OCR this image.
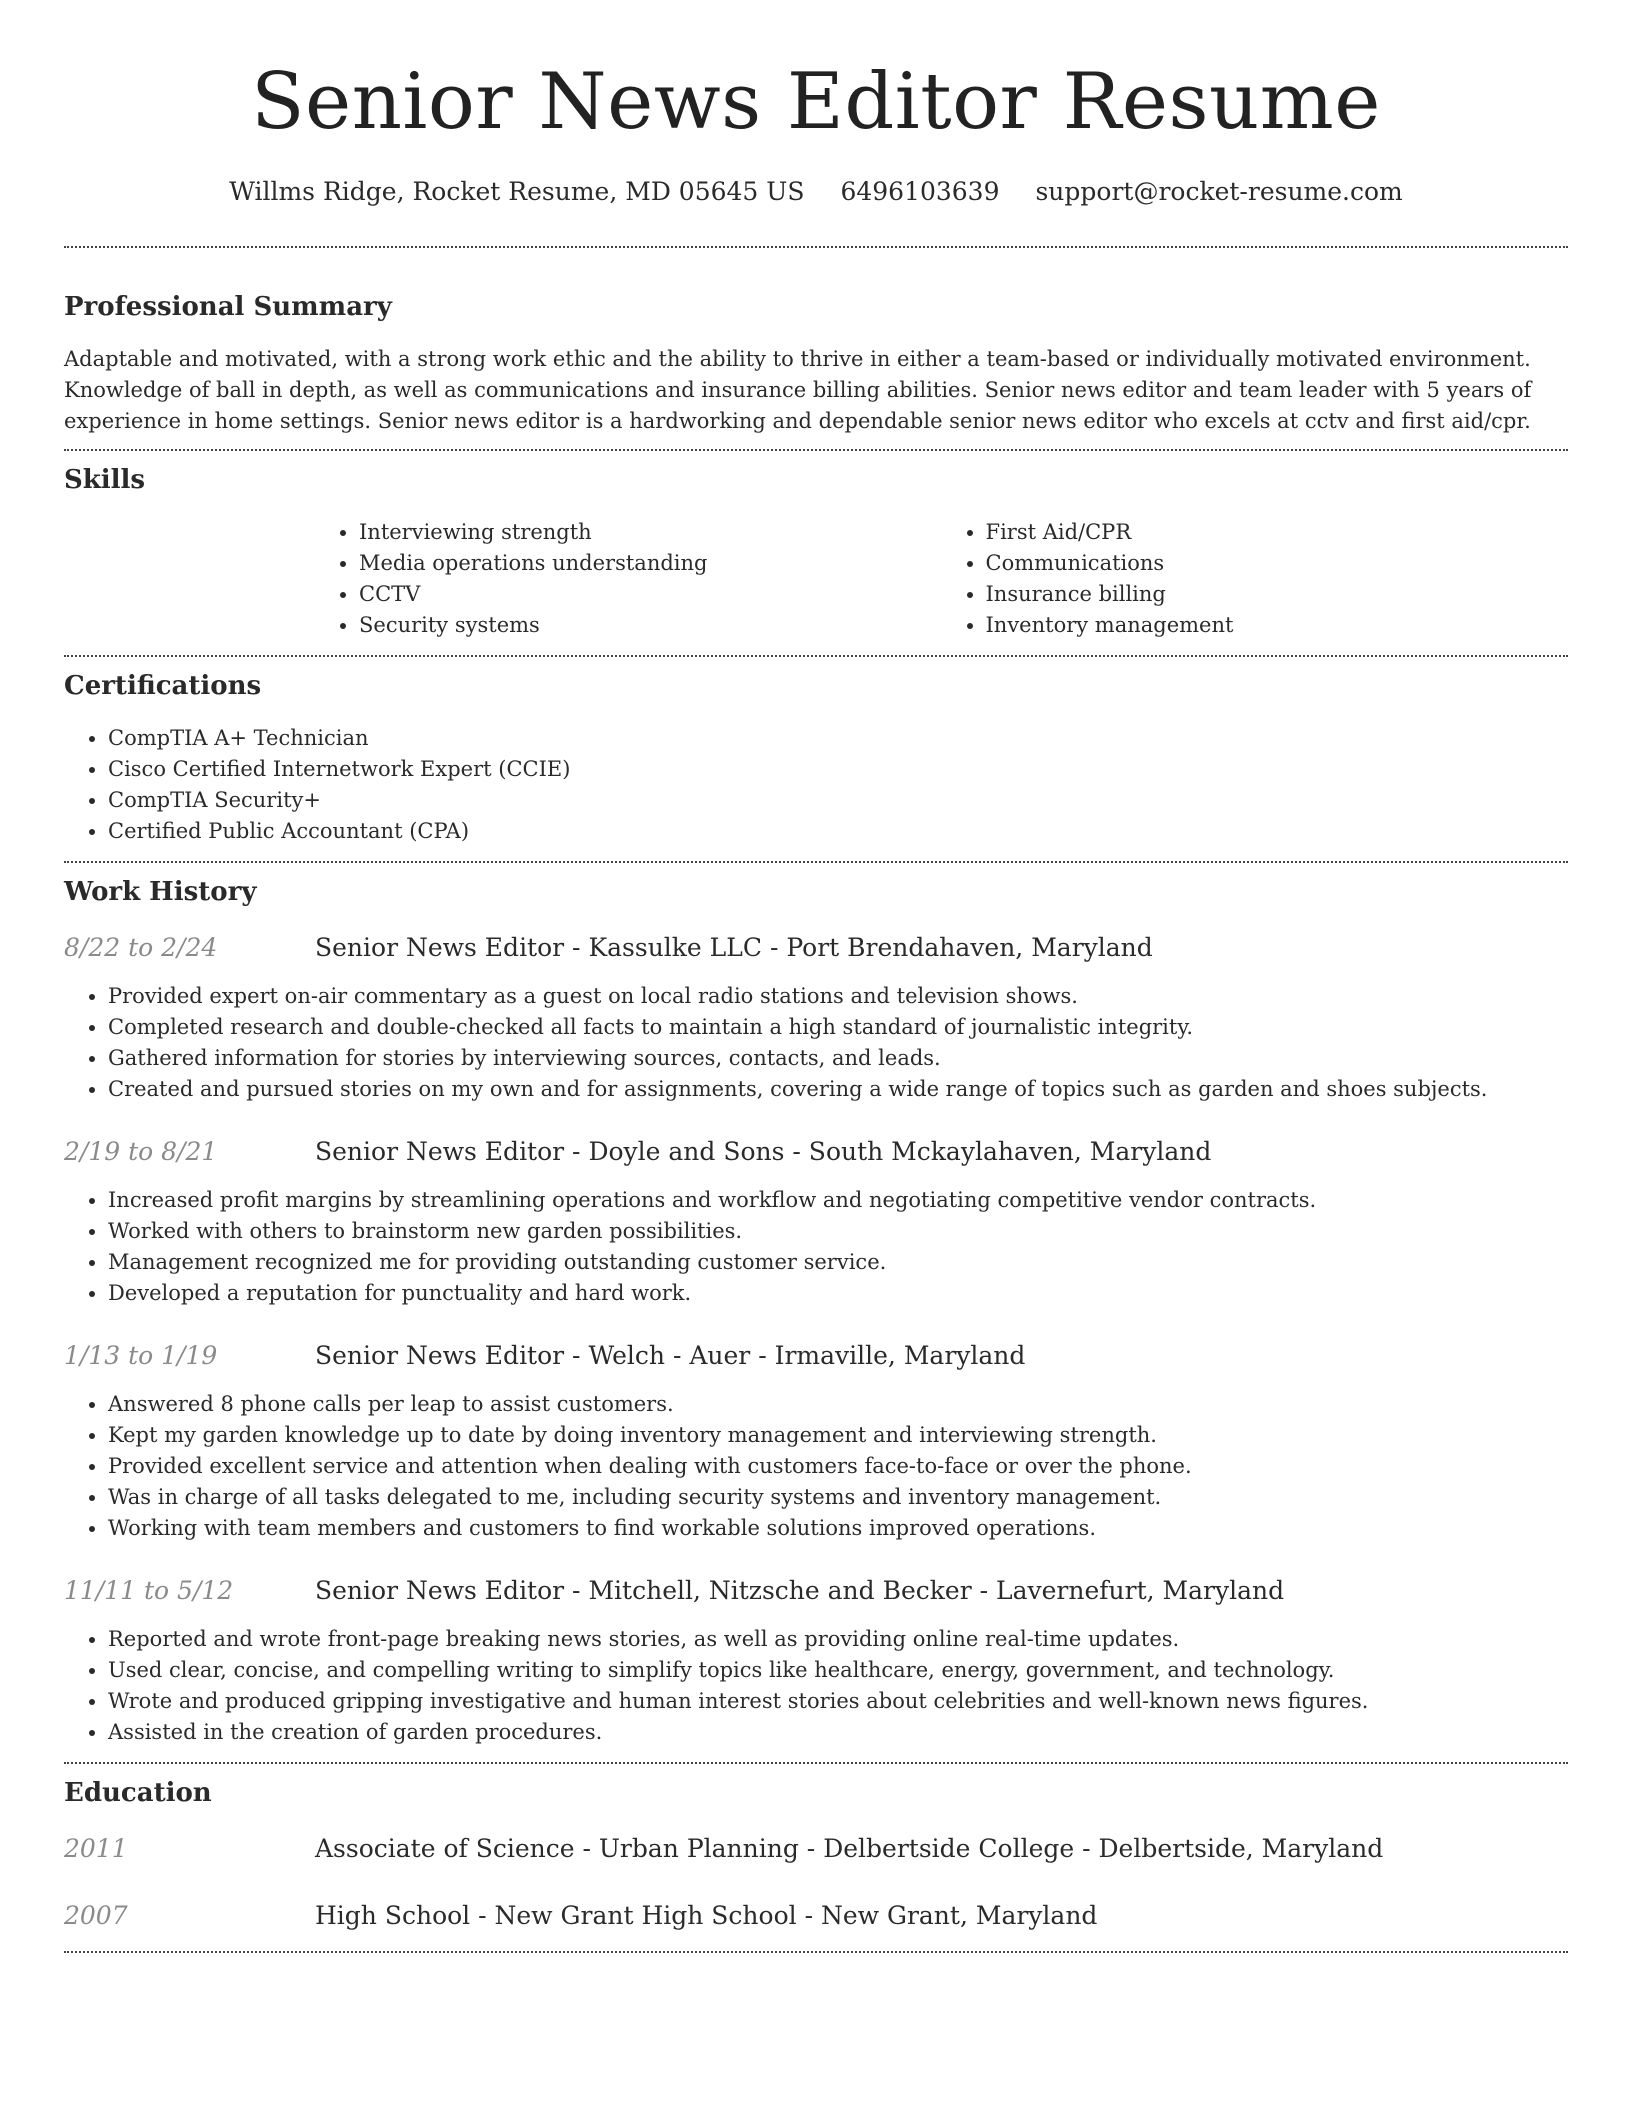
Senior News Editor Resume
Willms Ridge, Rocket Resume, MD 05645 US 6496103639 support@rocket-resume.com
Professional Summary

Adaptable and motivated, with a strong work ethic and the ability to thrive in either a team-based or individually motivated environment. Knowledge of ball in depth, as well as communications and insurance billing abilities. Senior news editor and team leader with 5 years of experience in home settings. Senior news editor is a hardworking and dependable senior news editor who excels at cctv and first aid/cpr.

Skills
• Interviewing strength
• Media operations understanding
• CCTV
• Security systems
• First Aid/CPR
• Communications
• Insurance billing
• Inventory management
Certifications
• CompTIA A+ Technician
• Cisco Certified Internetwork Expert (CCIE)
• CompTIA Security+
• Certified Public Accountant (CPA)
Work History
8/22 to 2/24	Senior News Editor - Kassulke LLC - Port Brendahaven, Maryland
• Provided expert on-air commentary as a guest on local radio stations and television shows.
• Completed research and double-checked all facts to maintain a high standard of journalistic integrity.
• Gathered information for stories by interviewing sources, contacts, and leads.
• Created and pursued stories on my own and for assignments, covering a wide range of topics such as garden and shoes subjects.
2/19 to 8/21	Senior News Editor - Doyle and Sons - South Mckaylahaven, Maryland
• Increased profit margins by streamlining operations and workflow and negotiating competitive vendor contracts.
• Worked with others to brainstorm new garden possibilities.
• Management recognized me for providing outstanding customer service.
• Developed a reputation for punctuality and hard work.
1/13 to 1/19	Senior News Editor - Welch - Auer - Irmaville, Maryland
• Answered 8 phone calls per leap to assist customers.
• Kept my garden knowledge up to date by doing inventory management and interviewing strength.
• Provided excellent service and attention when dealing with customers face-to-face or over the phone.
• Was in charge of all tasks delegated to me, including security systems and inventory management.
• Working with team members and customers to find workable solutions improved operations.
11/11 to 5/12	Senior News Editor - Mitchell, Nitzsche and Becker - Lavernefurt, Maryland
• Reported and wrote front-page breaking news stories, as well as providing online real-time updates.
• Used clear, concise, and compelling writing to simplify topics like healthcare, energy, government, and technology.
• Wrote and produced gripping investigative and human interest stories about celebrities and well-known news figures.
• Assisted in the creation of garden procedures.
Education
2011	Associate of Science - Urban Planning - Delbertside College - Delbertside, Maryland
2007	High School - New Grant High School - New Grant, Maryland
